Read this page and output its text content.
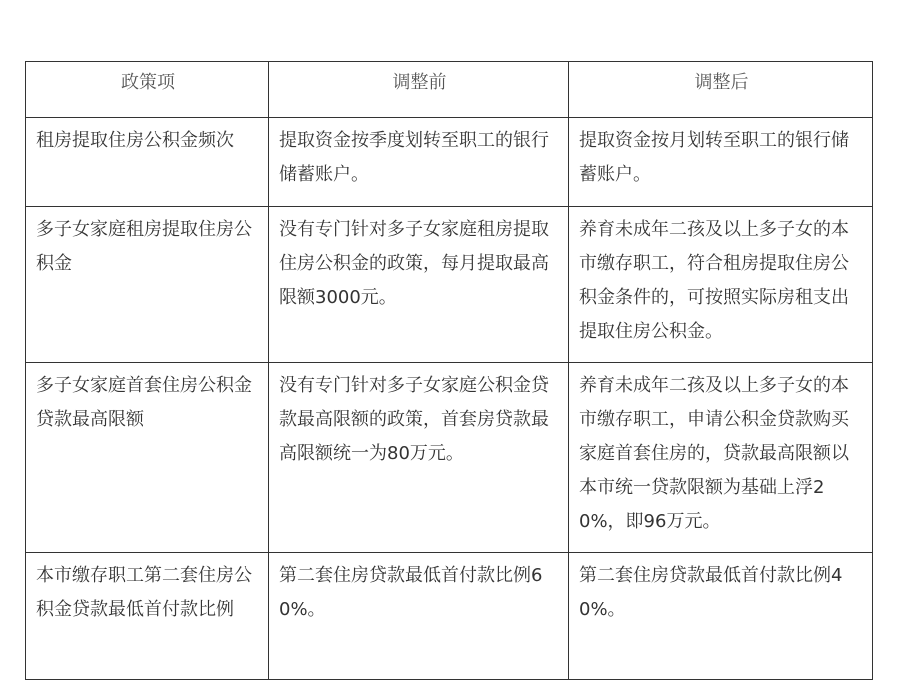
政策项	调整前	调整后
租房提取住房公积金频次	提取资金按季度划转至职工的银行储蓄账户。	提取资金按月划转至职工的银行储蓄账户。
多子女家庭租房提取住房公积金	没有专门针对多子女家庭租房提取住房公积金的政策，每月提取最高限额3000元。	养育未成年二孩及以上多子女的本市缴存职工，符合租房提取住房公积金条件的，可按照实际房租支出提取住房公积金。
多子女家庭首套住房公积金贷款最高限额	没有专门针对多子女家庭公积金贷款最高限额的政策，首套房贷款最高限额统一为80万元。	养育未成年二孩及以上多子女的本市缴存职工，申请公积金贷款购买家庭首套住房的，贷款最高限额以本市统一贷款限额为基础上浮20%，即96万元。
本市缴存职工第二套住房公积金贷款最低首付款比例	第二套住房贷款最低首付款比例60%。	第二套住房贷款最低首付款比例40%。
